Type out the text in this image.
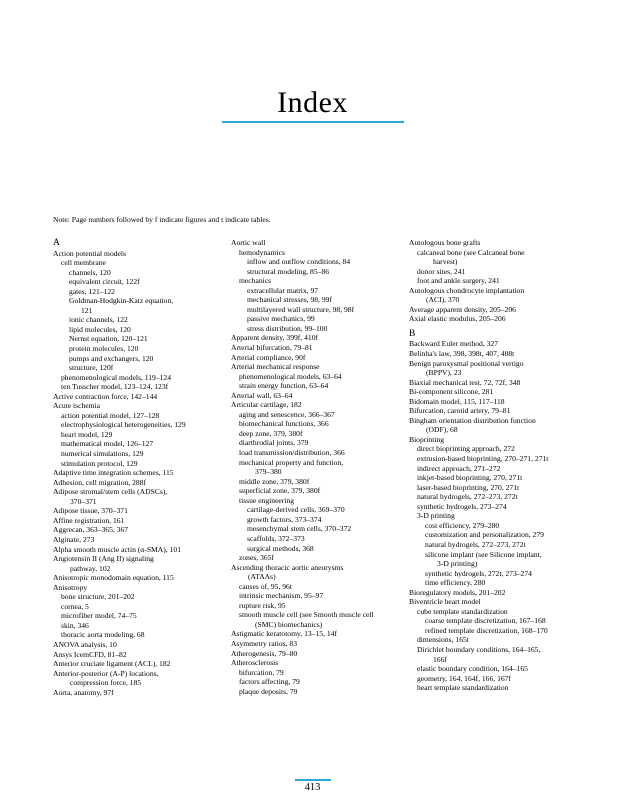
Index
Note: Page numbers followed by f indicate figures and t indicate tables.
A
Action potential models
cell membrane
channels, 120
equivalent circuit, 122f
gates, 121–122
Goldman-Hodgkin-Katz equation,
121
ionic channels, 122
lipid molecules, 120
Nernst equation, 120–121
protein molecules, 120
pumps and exchangers, 120
structure, 120f
phenomenological models, 119–124
ten Tusscher model, 123–124, 123f
Active contraction force, 142–144
Acute ischemia
action potential model, 127–128
electrophysiological heterogeneities, 129
heart model, 129
mathematical model, 126–127
numerical simulations, 129
stimulation protocol, 129
Adaptive time integration schemes, 115
Adhesion, cell migration, 288f
Adipose stromal/stem cells (ADSCs),
370–371
Adipose tissue, 370–371
Affine registration, 161
Aggrecan, 363–365, 367
Alginate, 273
Alpha smooth muscle actin (α-SMA), 101
Angiotensin II (Ang II) signaling
pathway, 102
Anisotropic monodomain equation, 115
Anisotropy
bone structure, 201–202
cornea, 5
microfiber model, 74–75
skin, 346
thoracic aorta modeling, 68
ANOVA analysis, 10
Ansys IcemCFD, 81–82
Anterior cruciate ligament (ACL), 182
Anterior-posterior (A-P) locations,
compression force, 185
Aorta, anatomy, 97f
Aortic wall
hemodynamics
inflow and outflow conditions, 84
structural modeling, 85–86
mechanics
extracellular matrix, 97
mechanical stresses, 98, 99f
multilayered wall structure, 98, 98f
passive mechanics, 99
stress distribution, 99–100
Apparent density, 399f, 410f
Arterial bifurcation, 79–81
Arterial compliance, 90f
Arterial mechanical response
phenomenological models, 63–64
strain energy function, 63–64
Arterial wall, 63–64
Articular cartilage, 182
aging and senescence, 366–367
biomechanical functions, 366
deep zone, 379, 380f
diarthrodial joints, 379
load transmission/distribution, 366
mechanical property and function,
379–380
middle zone, 379, 380f
superficial zone, 379, 380f
tissue engineering
cartilage-derived cells, 369–370
growth factors, 373–374
mesenchymal stem cells, 370–372
scaffolds, 372–373
surgical methods, 368
zones, 365f
Ascending thoracic aortic aneurysms
(ATAAs)
causes of, 95, 96t
intrinsic mechanism, 95–97
rupture risk, 95
smooth muscle cell (see Smooth muscle cell
(SMC) biomechanics)
Astigmatic keratotomy, 13–15, 14f
Asymmetry ratios, 83
Atherogenesis, 79–80
Atherosclerosis
bifurcation, 79
factors affecting, 79
plaque deposits, 79
Autologous bone grafts
calcaneal bone (see Calcaneal bone
harvest)
donor sites, 241
foot and ankle surgery, 241
Autologous chondrocyte implantation
(ACI), 370
Average apparent density, 205–206
Axial elastic modulus, 205–206
B
Backward Euler method, 327
Belinha's law, 398, 398t, 407, 408t
Benign paroxysmal positional vertigo
(BPPV), 23
Biaxial mechanical test, 72, 72f, 348
Bi-component silicone, 281
Bidomain model, 115, 117–118
Bifurcation, carotid artery, 79–81
Bingham orientation distribution function
(ODF), 68
Bioprinting
direct bioprinting approach, 272
extrusion-based bioprinting, 270–271, 271t
indirect approach, 271–272
inkjet-based bioprinting, 270, 271t
laser-based bioprinting, 270, 271t
natural hydrogels, 272–273, 272t
synthetic hydrogels, 273–274
3-D printing
cost efficiency, 279–280
customization and personalization, 279
natural hydrogels, 272–273, 272t
silicone implant (see Silicone implant,
3-D printing)
synthetic hydrogels, 272t, 273–274
time efficiency, 280
Bioregulatory models, 201–202
Biventricle heart model
cube template standardization
coarse template discretization, 167–168
refined template discretization, 168–170
dimensions, 165t
Dirichlet boundary conditions, 164–165,
166f
elastic boundary condition, 164–165
geometry, 164, 164f, 166, 167f
heart template standardization
413
